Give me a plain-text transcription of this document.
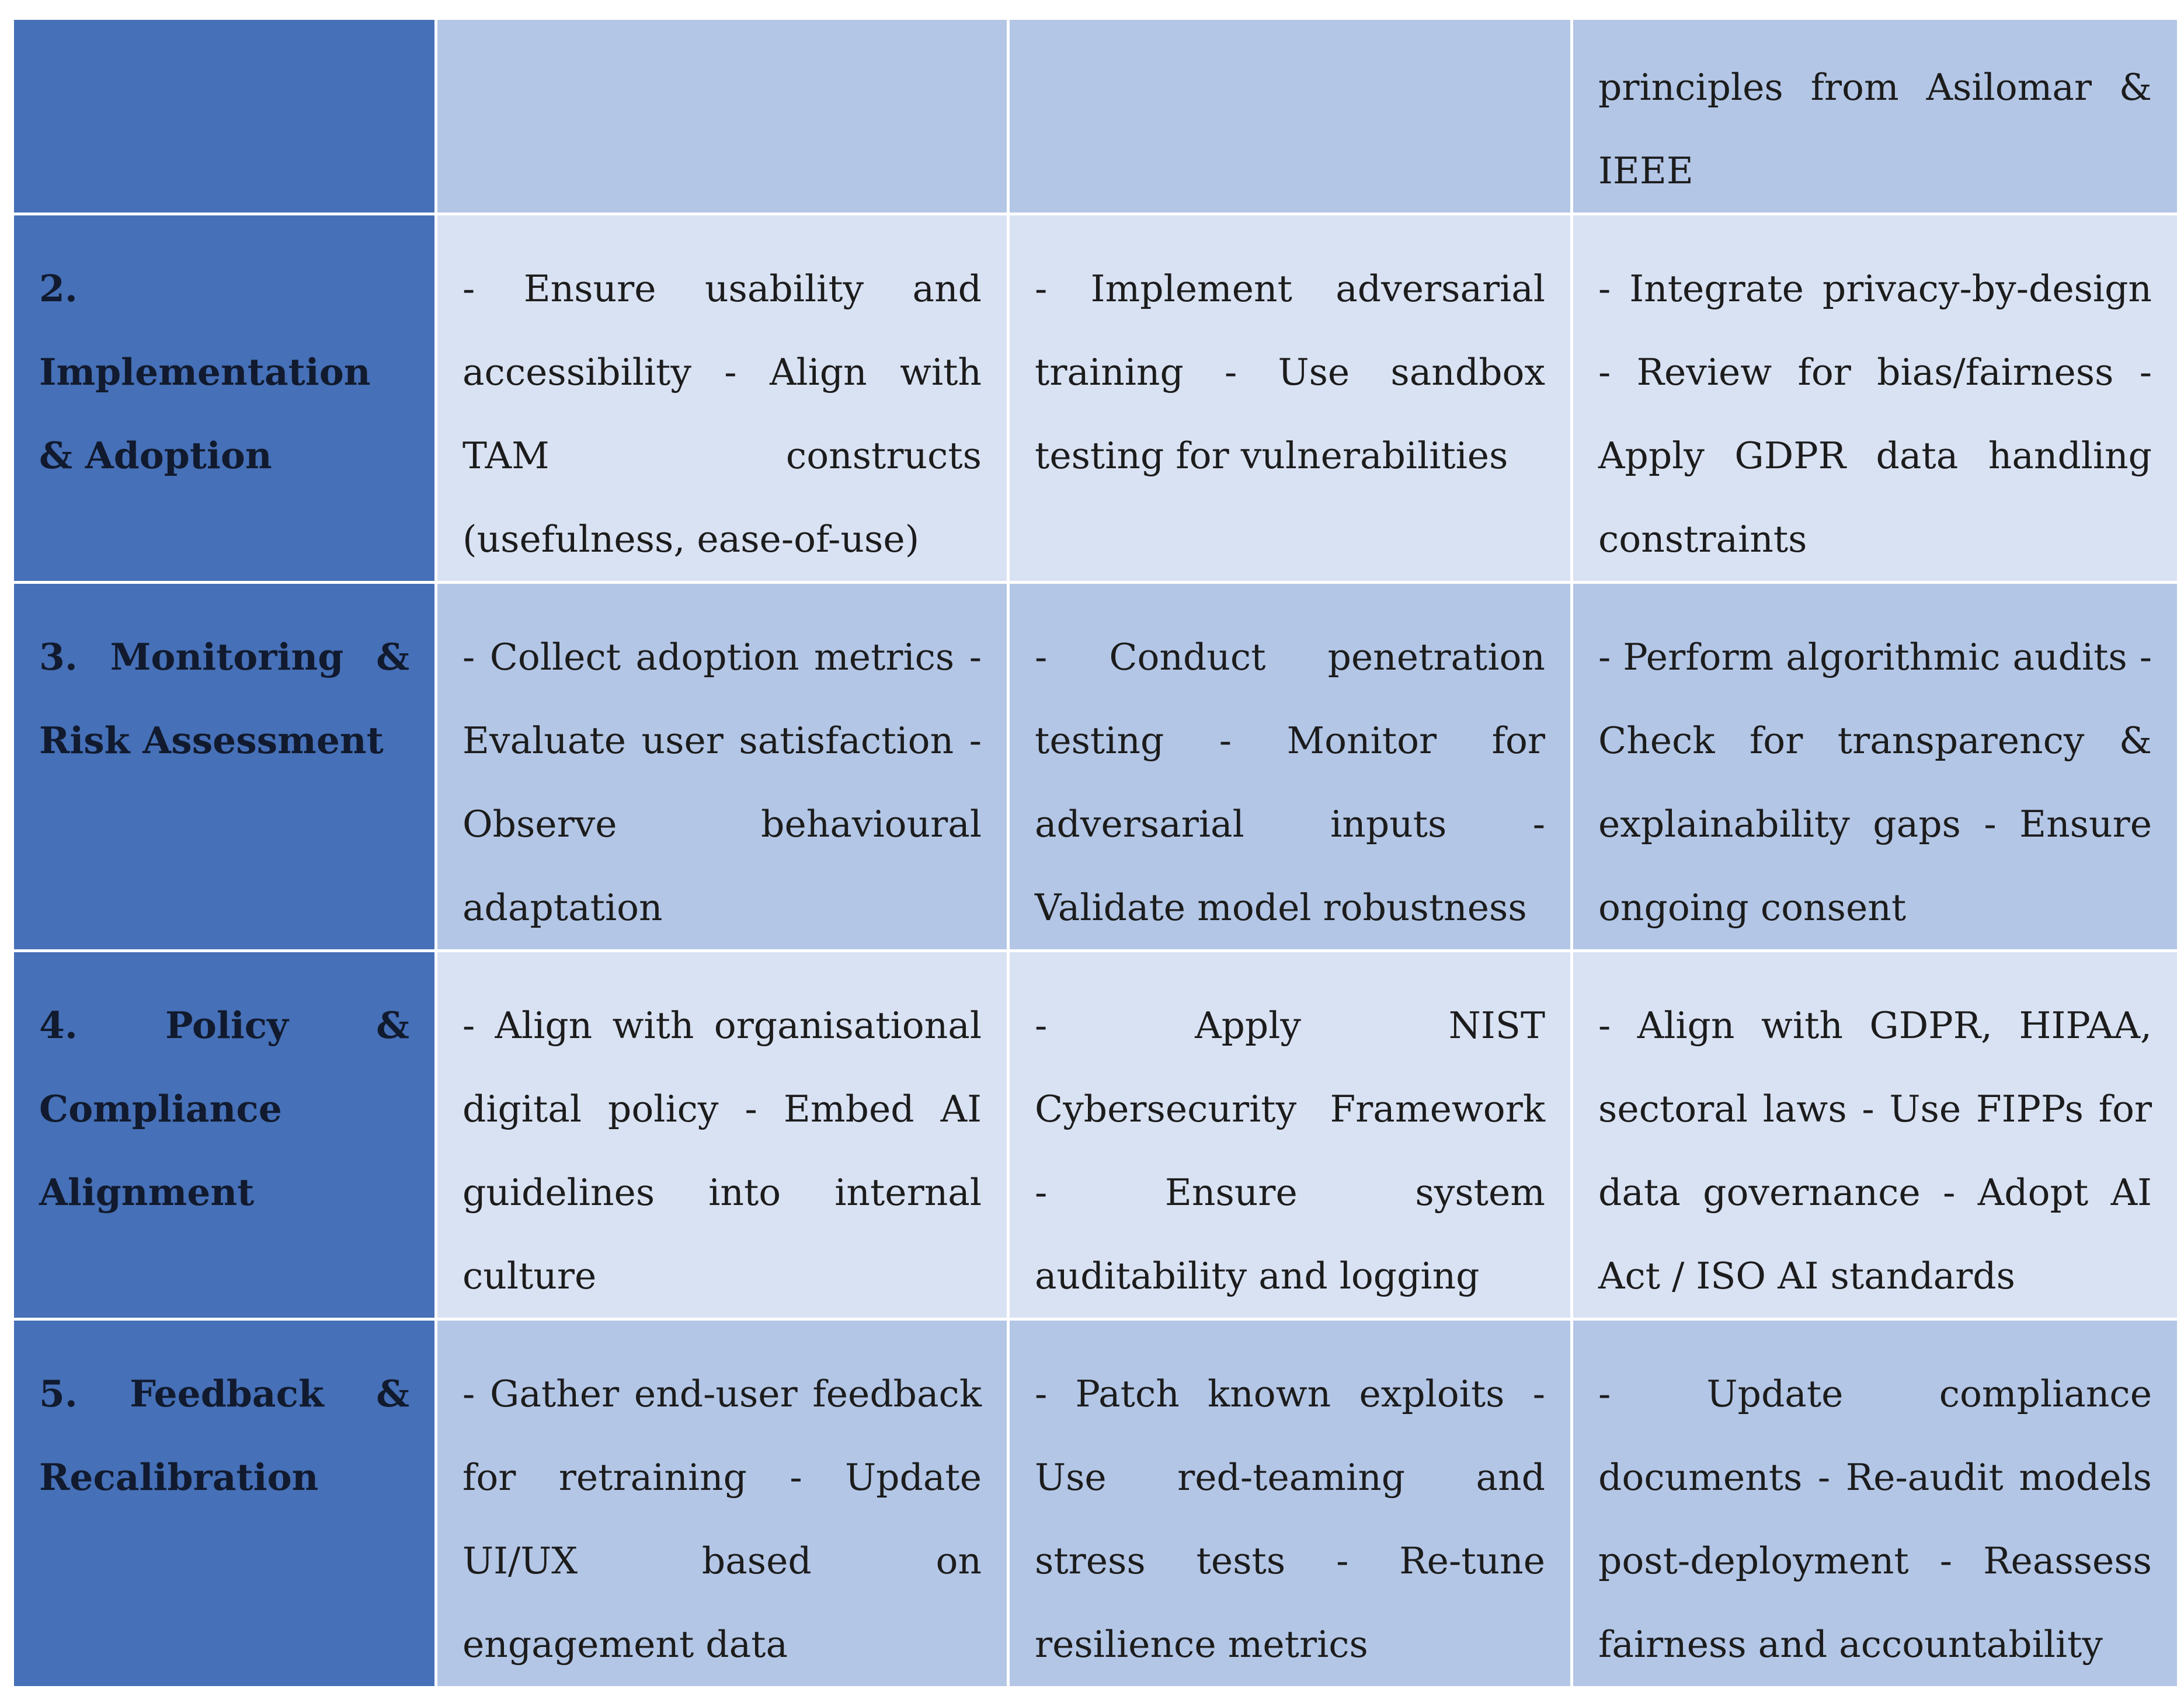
			principles from Asilomar & IEEE
2. Implementation & Adoption	- Ensure usability and accessibility - Align with TAM constructs (usefulness, ease-of-use)	- Implement adversarial training - Use sandbox testing for vulnerabilities	- Integrate privacy-by-design - Review for bias/fairness - Apply GDPR data handling constraints
3. Monitoring & Risk Assessment	- Collect adoption metrics - Evaluate user satisfaction - Observe behavioural adaptation	- Conduct penetration testing - Monitor for adversarial inputs - Validate model robustness	- Perform algorithmic audits - Check for transparency & explainability gaps - Ensure ongoing consent
4. Policy & Compliance Alignment	- Align with organisational digital policy - Embed AI guidelines into internal culture	- Apply NIST Cybersecurity Framework - Ensure system auditability and logging	- Align with GDPR, HIPAA, sectoral laws - Use FIPPs for data governance - Adopt AI Act / ISO AI standards
5. Feedback & Recalibration	- Gather end-user feedback for retraining - Update UI/UX based on engagement data	- Patch known exploits - Use red-teaming and stress tests - Re-tune resilience metrics	- Update compliance documents - Re-audit models post-deployment - Reassess fairness and accountability
